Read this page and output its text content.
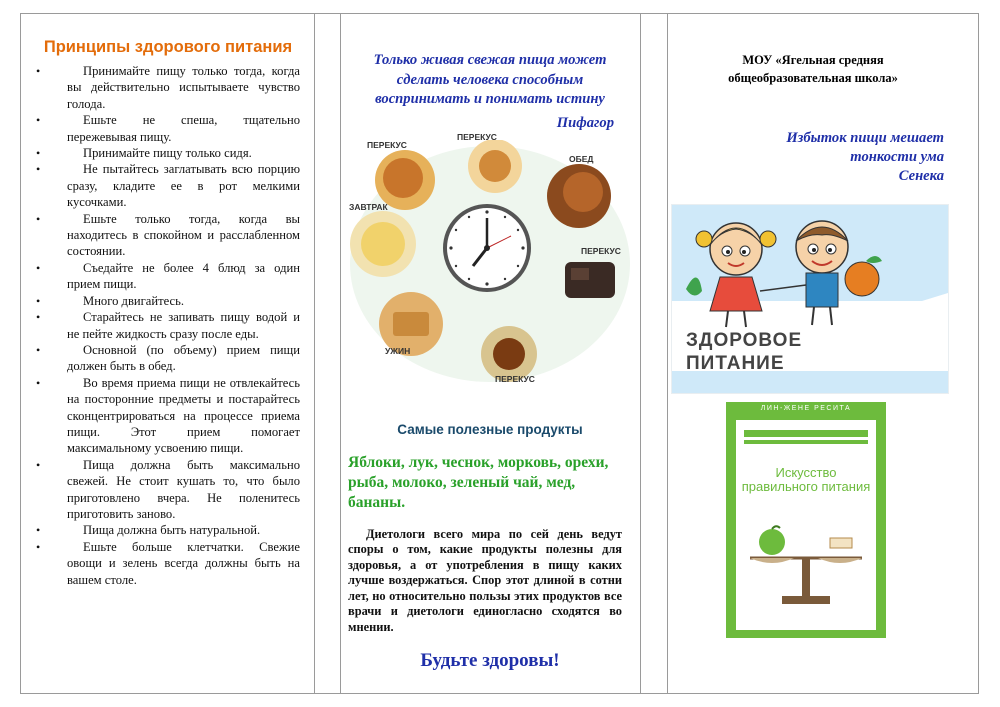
Принципы здорового питания
•	Принимайте пищу только тогда, когда вы действительно испытываете чувство голода.
•	Ешьте не спеша, тщательно пережевывая пищу.
•	Принимайте пищу только сидя.
•	Не пытайтесь заглатывать всю порцию сразу, кладите ее в рот мелкими кусочками.
•	Ешьте только тогда, когда вы находитесь в спокойном и расслабленном состоянии.
•	Съедайте не более 4 блюд за один прием пищи.
•	Много двигайтесь.
•	Старайтесь не запивать пищу водой и не пейте жидкость сразу после еды.
•	Основной (по объему) прием пищи должен быть в обед.
•	Во время приема пищи не отвлекайтесь на посторонние предметы и постарайтесь сконцентрироваться на процессе приема пищи. Этот прием помогает максимальному усвоению пищи.
•	Пища должна быть максимально свежей. Не стоит кушать то, что было приготовлено вчера. Не поленитесь приготовить заново.
•	Пища должна быть натуральной.
•	Ешьте больше клетчатки. Свежие овощи и зелень всегда должны быть на вашем столе.
Только живая свежая пища может сделать человека способным воспринимать и понимать истину
Пифагор
ПЕРЕКУС
ПЕРЕКУС
ОБЕД
ЗАВТРАК
ПЕРЕКУС
УЖИН
ПЕРЕКУС
Самые полезные продукты
Яблоки, лук, чеснок, морковь, орехи, рыба, молоко, зеленый чай, мед, бананы.
Диетологи всего мира по сей день ведут споры о том, какие продукты полезны для здоровья, а от употребления в пищу каких лучше воздержаться. Спор этот длиной в сотни лет, но относительно пользы этих продуктов все врачи и диетологи единогласно сходятся во мнении.
Будьте здоровы!
МОУ «Ягельная средняя общеобразовательная школа»
Избыток пищи мешает
тонкости ума
Сенека
ЗДОРОВОЕ
ПИТАНИЕ
ЛИН-ЖЕНЕ РЕСИТА
Искусство правильного питания
